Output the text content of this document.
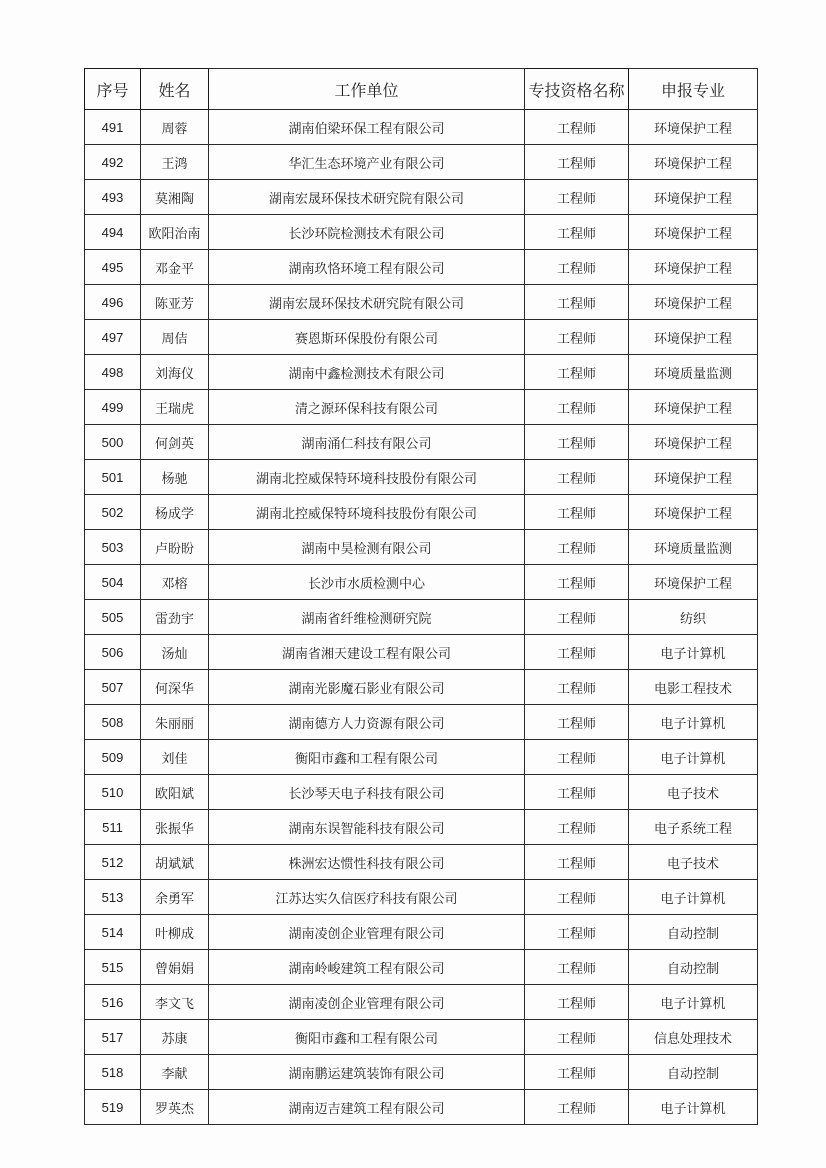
序号	姓名	工作单位	专技资格名称	申报专业
491	周蓉	湖南伯梁环保工程有限公司	工程师	环境保护工程
492	王鸿	华汇生态环境产业有限公司	工程师	环境保护工程
493	莫湘陶	湖南宏晟环保技术研究院有限公司	工程师	环境保护工程
494	欧阳治南	长沙环院检测技术有限公司	工程师	环境保护工程
495	邓金平	湖南玖恪环境工程有限公司	工程师	环境保护工程
496	陈亚芳	湖南宏晟环保技术研究院有限公司	工程师	环境保护工程
497	周佶	赛恩斯环保股份有限公司	工程师	环境保护工程
498	刘海仪	湖南中鑫检测技术有限公司	工程师	环境质量监测
499	王瑞虎	清之源环保科技有限公司	工程师	环境保护工程
500	何剑英	湖南涌仁科技有限公司	工程师	环境保护工程
501	杨驰	湖南北控威保特环境科技股份有限公司	工程师	环境保护工程
502	杨成学	湖南北控威保特环境科技股份有限公司	工程师	环境保护工程
503	卢盼盼	湖南中昊检测有限公司	工程师	环境质量监测
504	邓榕	长沙市水质检测中心	工程师	环境保护工程
505	雷劲宇	湖南省纤维检测研究院	工程师	纺织
506	汤灿	湖南省湘天建设工程有限公司	工程师	电子计算机
507	何深华	湖南光影魔石影业有限公司	工程师	电影工程技术
508	朱丽丽	湖南德方人力资源有限公司	工程师	电子计算机
509	刘佳	衡阳市鑫和工程有限公司	工程师	电子计算机
510	欧阳斌	长沙琴天电子科技有限公司	工程师	电子技术
511	张振华	湖南东误智能科技有限公司	工程师	电子系统工程
512	胡斌斌	株洲宏达惯性科技有限公司	工程师	电子技术
513	余勇军	江苏达实久信医疗科技有限公司	工程师	电子计算机
514	叶柳成	湖南凌创企业管理有限公司	工程师	自动控制
515	曾娟娟	湖南岭峻建筑工程有限公司	工程师	自动控制
516	李文飞	湖南凌创企业管理有限公司	工程师	电子计算机
517	苏康	衡阳市鑫和工程有限公司	工程师	信息处理技术
518	李献	湖南鹏运建筑装饰有限公司	工程师	自动控制
519	罗英杰	湖南迈吉建筑工程有限公司	工程师	电子计算机
